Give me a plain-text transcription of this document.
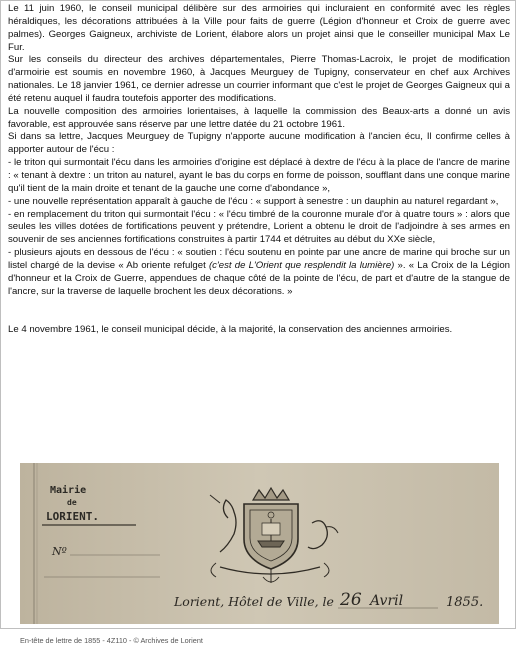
Le 11 juin 1960, le conseil municipal délibère sur des armoiries qui incluraient en conformité avec les règles héraldiques, les décorations attribuées à la Ville pour faits de guerre (Légion d'honneur et Croix de guerre avec palmes). Georges Gaigneux, archiviste de Lorient, élabore alors un projet ainsi que le conseiller municipal Max Le Fur.

Sur les conseils du directeur des archives départementales, Pierre Thomas-Lacroix, le projet de modification d'armoirie est soumis en novembre 1960, à Jacques Meurguey de Tupigny, conservateur en chef aux Archives nationales. Le 18 janvier 1961, ce dernier adresse un courrier informant que c'est le projet de Georges Gaigneux qui a été retenu auquel il faudra toutefois apporter des modifications.

La nouvelle composition des armoiries lorientaises, à laquelle la commission des Beaux-arts a donné un avis favorable, est approuvée sans réserve par une lettre datée du 21 octobre 1961.

Si dans sa lettre, Jacques Meurguey de Tupigny n'apporte aucune modification à l'ancien écu, Il confirme celles à apporter autour de l'écu :

- le triton qui surmontait l'écu dans les armoiries d'origine est déplacé à dextre de l'écu à la place de l'ancre de marine : « tenant à dextre : un triton au naturel, ayant le bas du corps en forme de poisson, soufflant dans une conque marine qu'il tient de la main droite et tenant de la gauche une corne d'abondance »,

- une nouvelle représentation apparaît à gauche de l'écu : « support à senestre : un dauphin au naturel regardant »,

- en remplacement du triton qui surmontait l'écu : « l'écu timbré de la couronne murale d'or à quatre tours » : alors que seules les villes dotées de fortifications peuvent y prétendre, Lorient a obtenu le droit de l'adjoindre à ses armes en souvenir de ses anciennes fortifications construites à partir 1744 et détruites au début du XXe siècle,

- plusieurs ajouts en dessous de l'écu : « soutien : l'écu soutenu en pointe par une ancre de marine qui broche sur un listel chargé de la devise « Ab oriente refulget (c'est de L'Orient que resplendit la lumière) ». « La Croix de la Légion d'honneur et la Croix de Guerre, appendues de chaque côté de la pointe de l'écu, de part et d'autre de la stangue de l'ancre, sur la traverse de laquelle brochent les deux décorations. »

Le 4 novembre 1961, le conseil municipal décide, à la majorité, la conservation des anciennes armoiries.

Mairie
de
LORIENT.
Nº
Lorient, Hôtel de Ville, le 26 Avril	1855.
En-tête de lettre de 1855 - 4Z110 - © Archives de Lorient
